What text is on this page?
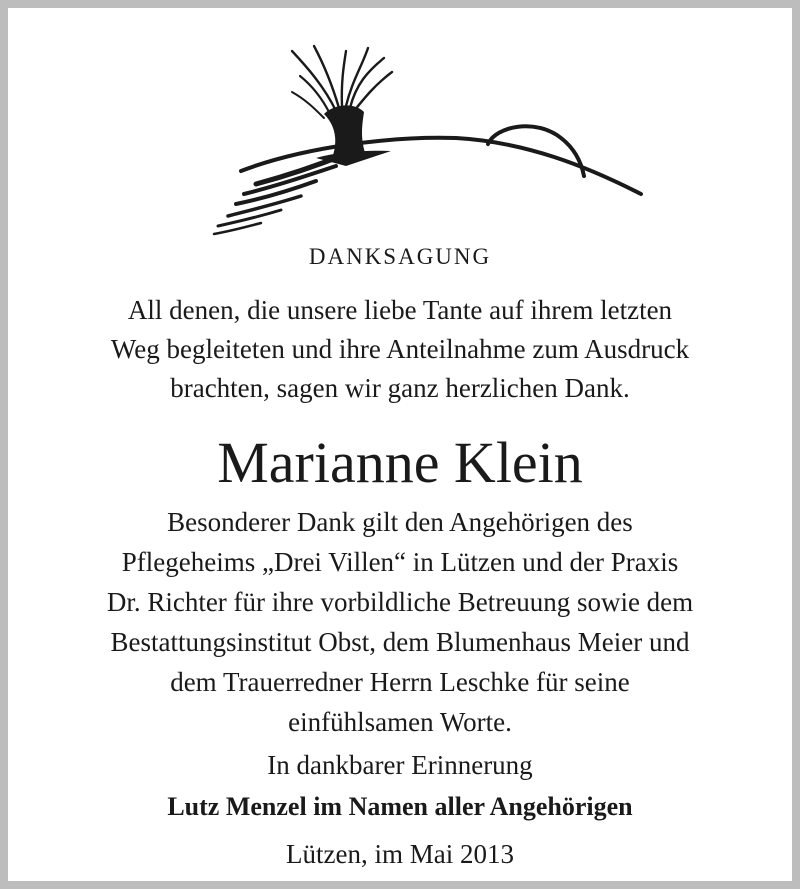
DANKSAGUNG
All denen, die unsere liebe Tante auf ihrem letzten
Weg begleiteten und ihre Anteilnahme zum Ausdruck
brachten, sagen wir ganz herzlichen Dank.
Marianne Klein
Besonderer Dank gilt den Angehörigen des
Pflegeheims „Drei Villen“ in Lützen und der Praxis
Dr. Richter für ihre vorbildliche Betreuung sowie dem
Bestattungsinstitut Obst, dem Blumenhaus Meier und
dem Trauerredner Herrn Leschke für seine
einfühlsamen Worte.
In dankbarer Erinnerung
Lutz Menzel im Namen aller Angehörigen
Lützen, im Mai 2013
